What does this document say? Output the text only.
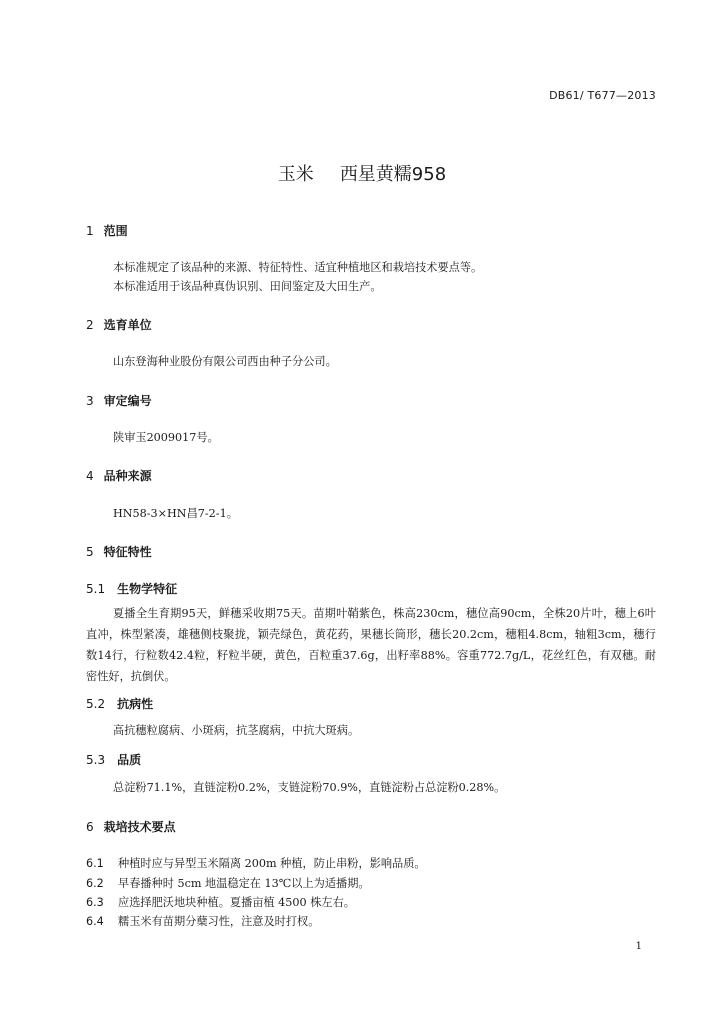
DB61/ T677—2013
玉米 西星黄糯958
1 范围
本标准规定了该品种的来源、特征特性、适宜种植地区和栽培技术要点等。
本标准适用于该品种真伪识别、田间鉴定及大田生产。
2 选育单位
山东登海种业股份有限公司西由种子分公司。
3 审定编号
陕审玉2009017号。
4 品种来源
HN58-3×HN昌7-2-1。
5 特征特性
5.1 生物学特征
夏播全生育期95天，鲜穗采收期75天。苗期叶鞘紫色，株高230cm，穗位高90cm，全株20片叶，穗上6叶直冲，株型紧凑，雄穗侧枝聚拢，颖壳绿色，黄花药，果穗长筒形，穗长20.2cm，穗粗4.8cm，轴粗3cm，穗行数14行，行粒数42.4粒，籽粒半硬，黄色，百粒重37.6g，出籽率88%。容重772.7g/L，花丝红色，有双穗。耐密性好，抗倒伏。
5.2 抗病性
高抗穗粒腐病、小斑病，抗茎腐病，中抗大斑病。
5.3 品质
总淀粉71.1%，直链淀粉0.2%，支链淀粉70.9%，直链淀粉占总淀粉0.28%。
6 栽培技术要点
6.1 种植时应与异型玉米隔离 200m 种植，防止串粉，影响品质。
6.2 早春播种时 5cm 地温稳定在 13℃以上为适播期。
6.3 应选择肥沃地块种植。夏播亩植 4500 株左右。
6.4 糯玉米有苗期分蘖习性，注意及时打杈。
1
